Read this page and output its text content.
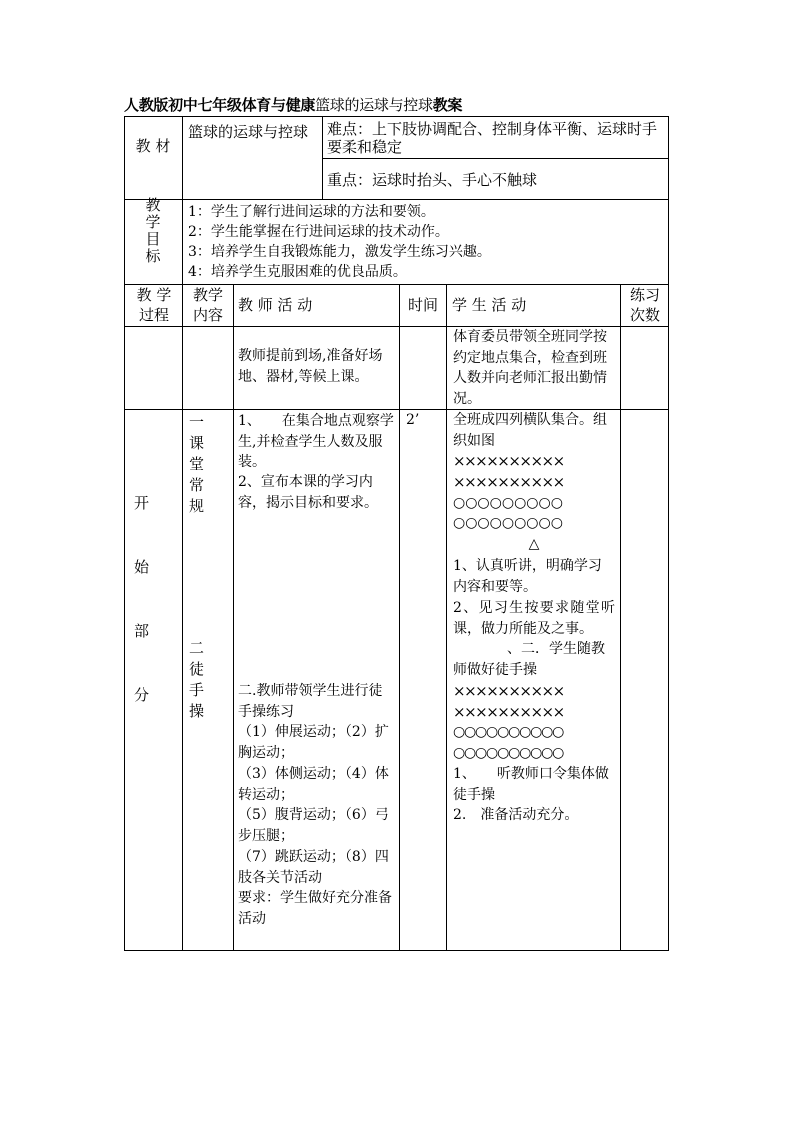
人教版初中七年级体育与健康篮球的运球与控球教案
教 材
篮球的运球与控球	难点：上下肢协调配合、控制身体平衡、运球时手要柔和稳定
重点：运球时抬头、手心不触球
教
学
目
标
1：学生了解行进间运球的方法和要领。
2：学生能掌握在行进间运球的技术动作。
3：培养学生自我锻炼能力，激发学生练习兴趣。
4：培养学生克服困难的优良品质。
教 学 过程
教学 内容
教 师 活 动	时间 学 生 活 动
练习 次数
教师提前到场,准备好场地、器材,等候上课。
体育委员带领全班同学按约定地点集合，检查到班人数并向老师汇报出勤情况。
开
始
部
分
一
课
堂
常
规
二
徒
手
操
2’
1、　　在集合地点观察学生,并检查学生人数及服装。
2、宣布本课的学习内容，揭示目标和要求。
二.教师带领学生进行徒手操练习
（1）伸展运动；（2）扩胸运动；
（3）体侧运动；（4）体转运动；
（5）腹背运动；（6）弓步压腿；
（7）跳跃运动；（8）四肢各关节活动
要求：学生做好充分准备活动
全班成四列横队集合。组织如图
××××××××××
××××××××××
○○○○○○○○○
○○○○○○○○○
△
1、认真听讲，明确学习内容和要等。
2、见习生按要求随堂听课，做力所能及之事。
、二．学生随教师做好徒手操
××××××××××
××××××××××
○○○○○○○○○○
○○○○○○○○○○
1、　　听教师口令集体做徒手操
2.　准备活动充分。
